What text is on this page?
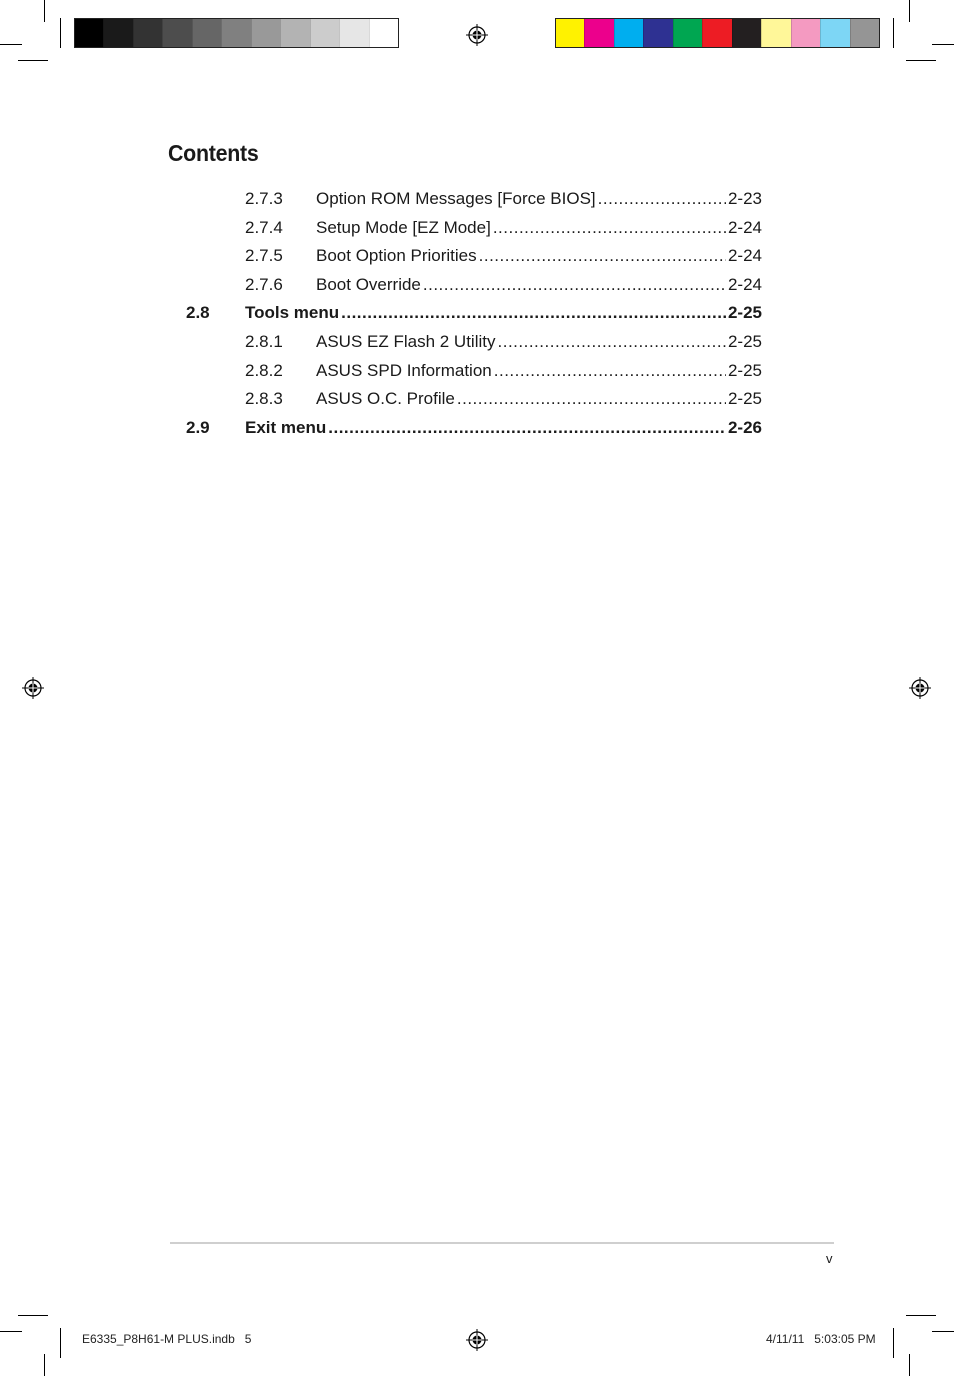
Contents
2.7.3 Option ROM Messages [Force BIOS] .....	2-23
2.7.4 Setup Mode [EZ Mode] .....	2-24
2.7.5 Boot Option Priorities .....	2-24
2.7.6 Boot Override .....	2-24
2.8 Tools menu .....	2-25
2.8.1 ASUS EZ Flash 2 Utility .....	2-25
2.8.2 ASUS SPD Information .....	2-25
2.8.3 ASUS O.C. Profile .....	2-25
2.9 Exit menu .....	2-26
v
E6335_P8H61-M PLUS.indb   5	4/11/11   5:03:05 PM
